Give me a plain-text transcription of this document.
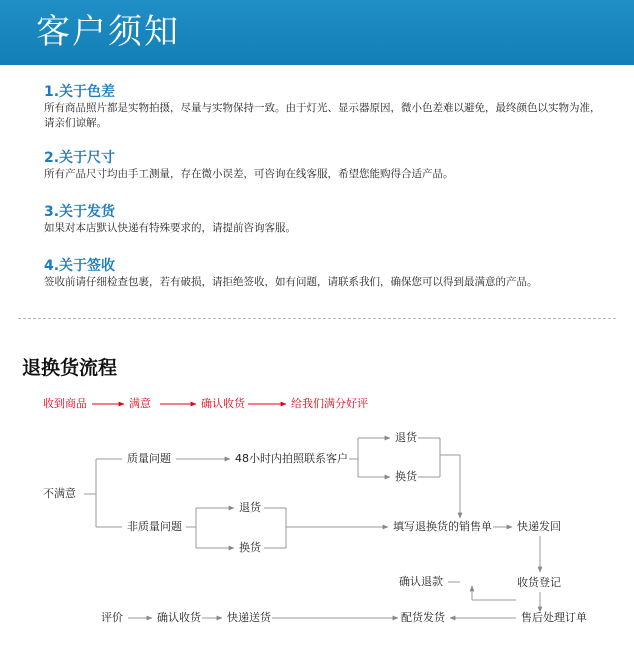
客户须知
1.关于色差
所有商品照片都是实物拍摄，尽量与实物保持一致。由于灯光、显示器原因，微小色差难以避免，最终颜色以实物为准，请亲们谅解。
2.关于尺寸
所有产品尺寸均由手工测量，存在微小误差，可咨询在线客服，希望您能购得合适产品。
3.关于发货
如果对本店默认快递有特殊要求的，请提前咨询客服。
4.关于签收
签收前请仔细检查包裹，若有破损，请拒绝签收，如有问题，请联系我们，确保您可以得到最满意的产品。
退换货流程
收到商品	满意	确认收货	给我们满分好评
不满意
质量问题	48小时内拍照联系客户
退货
换货
非质量问题
退货
换货
填写退换货的销售单 快递发回
确认退款	收货登记
评价	确认收货 快递送货	配货发货	售后处理订单
